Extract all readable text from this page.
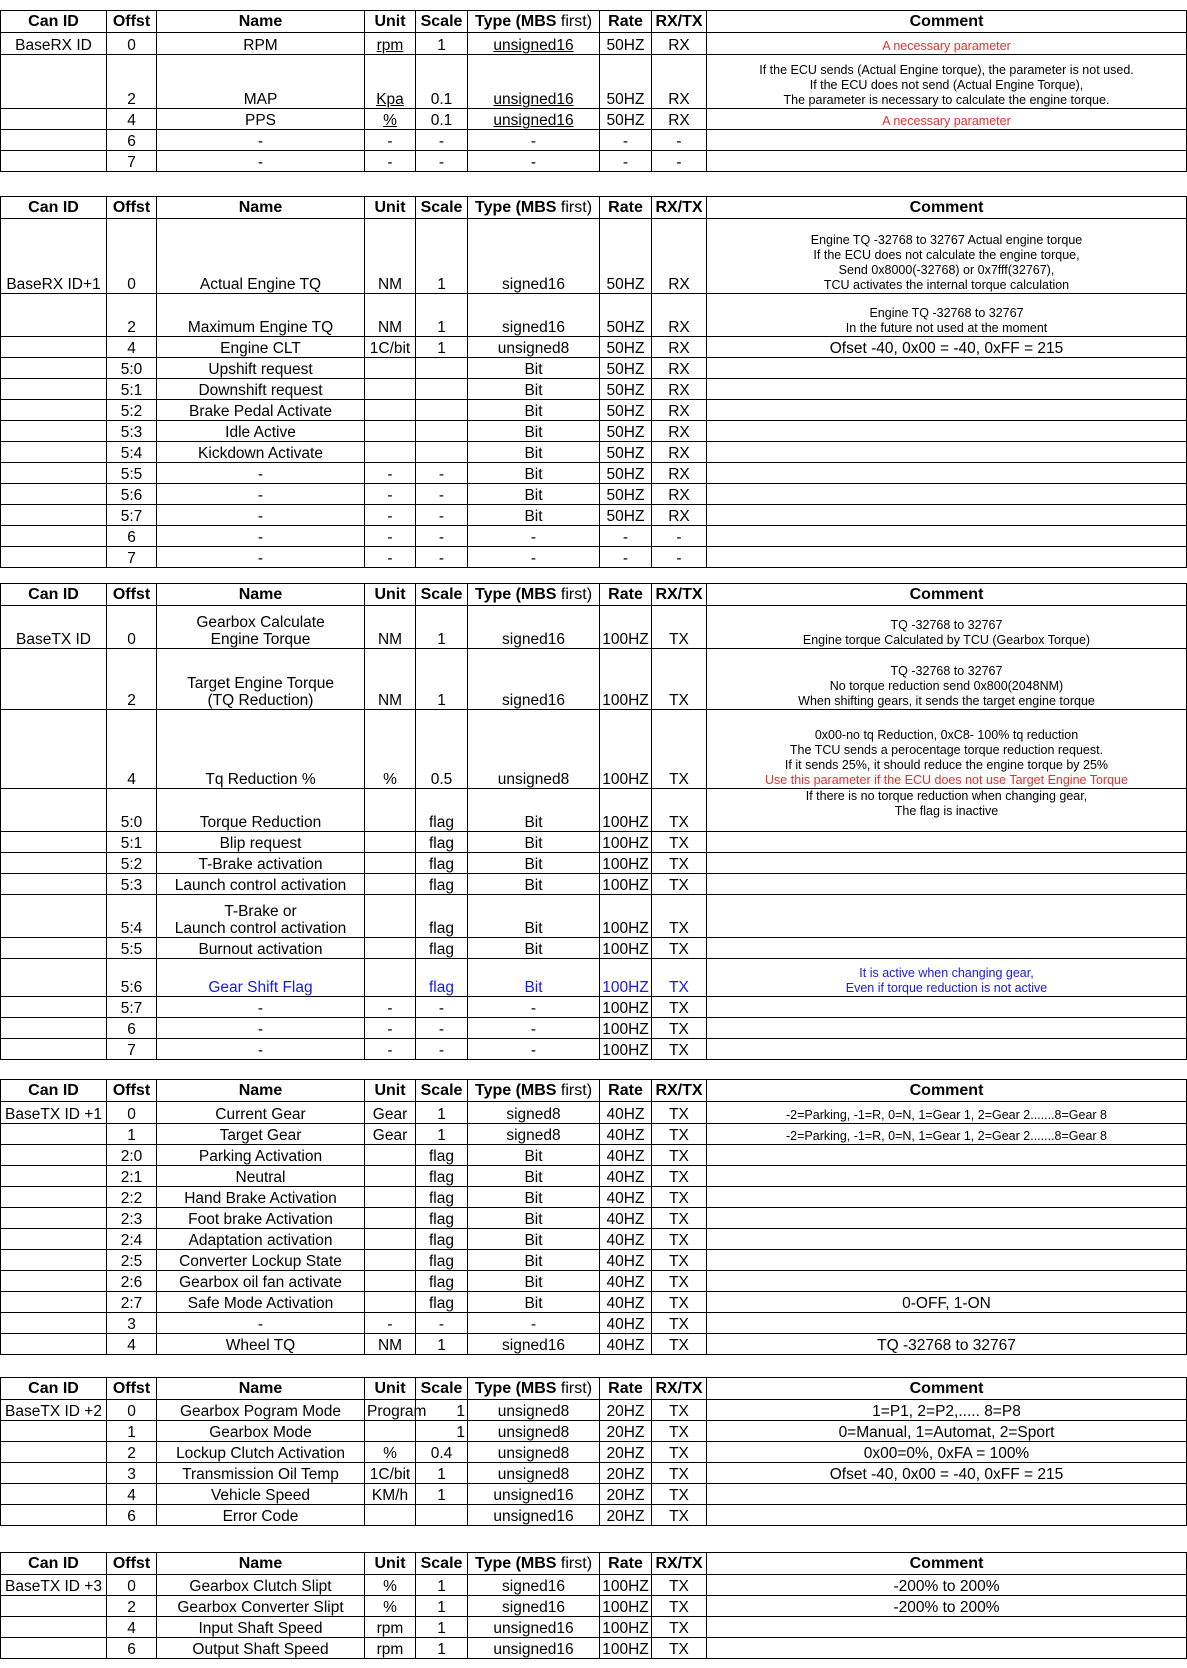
Can ID	Offst	Name	Unit	Scale	Type (MBS first)	Rate	RX/TX	Comment
BaseRX ID	0	RPM	rpm	1	unsigned16	50HZ	RX	A necessary parameter

	2	MAP	Kpa	0.1	unsigned16	50HZ	RX	If the ECU sends (Actual Engine torque), the parameter is not used.
If the ECU does not send (Actual Engine Torque),
The parameter is necessary to calculate the engine torque.

	4	PPS	%	0.1	unsigned16	50HZ	RX	A necessary parameter

	6	-	-	-	-	-	-	
	7	-	-	-	-	-	-	
Can ID	Offst	Name	Unit	Scale	Type (MBS first)	Rate	RX/TX	Comment
BaseRX ID+1	0	Actual Engine TQ	NM	1	signed16	50HZ	RX	Engine TQ -32768 to 32767 Actual engine torque
If the ECU does not calculate the engine torque,
Send 0x8000(-32768) or 0x7fff(32767),
TCU activates the internal torque calculation

	2	Maximum Engine TQ	NM	1	signed16	50HZ	RX	Engine TQ -32768 to 32767
In the future not used at the moment

	4	Engine CLT	1C/bit	1	unsigned8	50HZ	RX	Ofset -40, 0x00 = -40, 0xFF = 215

	5:0	Upshift request			Bit	50HZ	RX	
	5:1	Downshift request			Bit	50HZ	RX	
	5:2	Brake Pedal Activate			Bit	50HZ	RX	
	5:3	Idle Active			Bit	50HZ	RX	
	5:4	Kickdown Activate			Bit	50HZ	RX	
	5:5	-	-	-	Bit	50HZ	RX	
	5:6	-	-	-	Bit	50HZ	RX	
	5:7	-	-	-	Bit	50HZ	RX	
	6	-	-	-	-	-	-	
	7	-	-	-	-	-	-	
Can ID	Offst	Name	Unit	Scale	Type (MBS first)	Rate	RX/TX	Comment
BaseTX ID	0	Gearbox Calculate
Engine Torque	NM	1	signed16	100HZ	TX	TQ -32768 to 32767
Engine torque Calculated by TCU (Gearbox Torque)

	2	Target Engine Torque
(TQ Reduction)	NM	1	signed16	100HZ	TX	TQ -32768 to 32767
No torque reduction send 0x800(2048NM)
When shifting gears, it sends the target engine torque

	4	Tq Reduction %	%	0.5	unsigned8	100HZ	TX	0x00-no tq Reduction, 0xC8- 100% tq reduction
The TCU sends a perocentage torque reduction request.
If it sends 25%, it should reduce the engine torque by 25%
Use this parameter if the ECU does not use Target Engine Torque

	5:0	Torque Reduction		flag	Bit	100HZ	TX	If there is no torque reduction when changing gear,
The flag is inactive

	5:1	Blip request		flag	Bit	100HZ	TX	
	5:2	T-Brake activation		flag	Bit	100HZ	TX	
	5:3	Launch control activation		flag	Bit	100HZ	TX	
	5:4	T-Brake or
Launch control activation		flag	Bit	100HZ	TX	
	5:5	Burnout activation		flag	Bit	100HZ	TX	
	5:6	Gear Shift Flag		flag	Bit	100HZ	TX	It is active when changing gear,
Even if torque reduction is not active

	5:7	-	-	-	-	100HZ	TX	
	6	-	-	-	-	100HZ	TX	
	7	-	-	-	-	100HZ	TX	
Can ID	Offst	Name	Unit	Scale	Type (MBS first)	Rate	RX/TX	Comment
BaseTX ID +1	0	Current Gear	Gear	1	signed8	40HZ	TX	-2=Parking, -1=R, 0=N, 1=Gear 1, 2=Gear 2.......8=Gear 8

	1	Target Gear	Gear	1	signed8	40HZ	TX	-2=Parking, -1=R, 0=N, 1=Gear 1, 2=Gear 2.......8=Gear 8

	2:0	Parking Activation		flag	Bit	40HZ	TX	
	2:1	Neutral		flag	Bit	40HZ	TX	
	2:2	Hand Brake Activation		flag	Bit	40HZ	TX	
	2:3	Foot brake Activation		flag	Bit	40HZ	TX	
	2:4	Adaptation activation		flag	Bit	40HZ	TX	
	2:5	Converter Lockup State		flag	Bit	40HZ	TX	
	2:6	Gearbox oil fan activate		flag	Bit	40HZ	TX	
	2:7	Safe Mode Activation		flag	Bit	40HZ	TX	0-OFF, 1-ON

	3	-	-	-	-	40HZ	TX	
	4	Wheel TQ	NM	1	signed16	40HZ	TX	TQ -32768 to 32767
Can ID	Offst	Name	Unit	Scale	Type (MBS first)	Rate	RX/TX	Comment
BaseTX ID +2	0	Gearbox Pogram Mode	Program	1	unsigned8	20HZ	TX	1=P1, 2=P2,..... 8=P8

	1	Gearbox Mode		1	unsigned8	20HZ	TX	0=Manual, 1=Automat, 2=Sport

	2	Lockup Clutch Activation	%	0.4	unsigned8	20HZ	TX	0x00=0%, 0xFA = 100%

	3	Transmission Oil Temp	1C/bit	1	unsigned8	20HZ	TX	Ofset -40, 0x00 = -40, 0xFF = 215

	4	Vehicle Speed	KM/h	1	unsigned16	20HZ	TX	
	6	Error Code			unsigned16	20HZ	TX	
Can ID	Offst	Name	Unit	Scale	Type (MBS first)	Rate	RX/TX	Comment
BaseTX ID +3	0	Gearbox Clutch Slipt	%	1	signed16	100HZ	TX	-200% to 200%

	2	Gearbox Converter Slipt	%	1	signed16	100HZ	TX	-200% to 200%

	4	Input Shaft Speed	rpm	1	unsigned16	100HZ	TX	
	6	Output Shaft Speed	rpm	1	unsigned16	100HZ	TX	
